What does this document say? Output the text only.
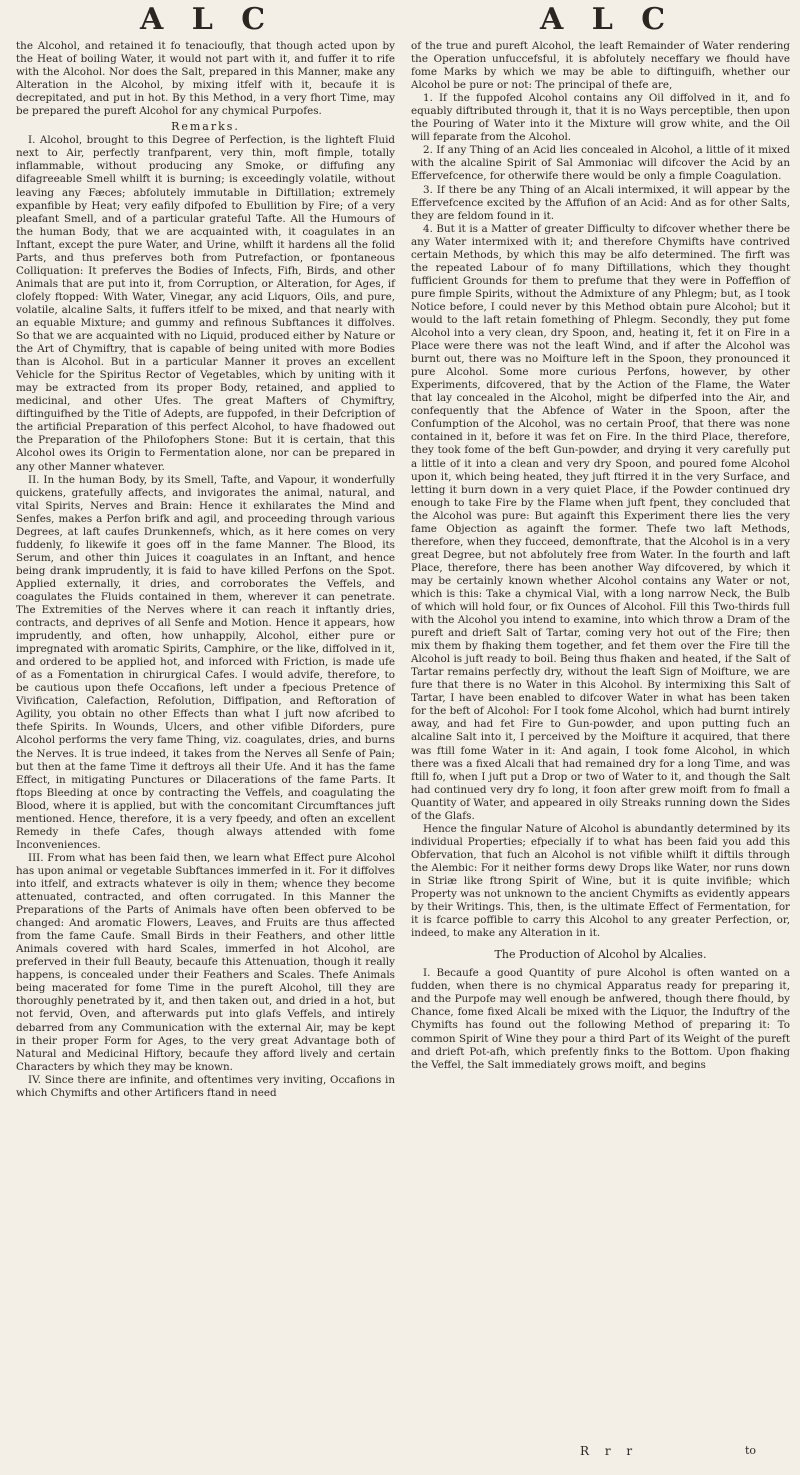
A L C	A L C

the Alcohol, and retained it fo tenacioufly, that though acted upon by the Heat of boiling Water, it would not part with it, and fuffer it to rife with the Alcohol. Nor does the Salt, prepared in this Manner, make any Alteration in the Alcohol, by mixing itfelf with it, becaufe it is decrepitated, and put in hot. By this Method, in a very fhort Time, may be prepared the pureft Alcohol for any chymical Purpofes.

Remarks.

I. Alcohol, brought to this Degree of Perfection, is the lighteft Fluid next to Air, perfectly tranfparent, very thin, moft fimple, totally inflammable, without producing any Smoke, or diffufing any difagreeable Smell whilft it is burning; is exceedingly volatile, without leaving any Fæces; abfolutely immutable in Diftillation; extremely expanfible by Heat; very eafily difpofed to Ebullition by Fire; of a very pleafant Smell, and of a particular grateful Tafte. All the Humours of the human Body, that we are acquainted with, it coagulates in an Inftant, except the pure Water, and Urine, whilft it hardens all the folid Parts, and thus preferves both from Putrefaction, or fpontaneous Colliquation: It preferves the Bodies of Infects, Fifh, Birds, and other Animals that are put into it, from Corruption, or Alteration, for Ages, if clofely ftopped: With Water, Vinegar, any acid Liquors, Oils, and pure, volatile, alcaline Salts, it fuffers itfelf to be mixed, and that nearly with an equable Mixture; and gummy and refinous Subftances it diffolves. So that we are acquainted with no Liquid, produced either by Nature or the Art of Chymiftry, that is capable of being united with more Bodies than is Alcohol. But in a particular Manner it proves an excellent Vehicle for the Spiritus Rector of Vegetables, which by uniting with it may be extracted from its proper Body, retained, and applied to medicinal, and other Ufes. The great Mafters of Chymiftry, diftinguifhed by the Title of Adepts, are fuppofed, in their Defcription of the artificial Preparation of this perfect Alcohol, to have fhadowed out the Preparation of the Philofophers Stone: But it is certain, that this Alcohol owes its Origin to Fermentation alone, nor can be prepared in any other Manner whatever.

II. In the human Body, by its Smell, Tafte, and Vapour, it wonderfully quickens, gratefully affects, and invigorates the animal, natural, and vital Spirits, Nerves and Brain: Hence it exhilarates the Mind and Senfes, makes a Perfon brifk and agil, and proceeding through various Degrees, at laft caufes Drunkennefs, which, as it here comes on very fuddenly, fo likewife it goes off in the fame Manner. The Blood, its Serum, and other thin Juices it coagulates in an Inftant, and hence being drank imprudently, it is faid to have killed Perfons on the Spot. Applied externally, it dries, and corroborates the Veffels, and coagulates the Fluids contained in them, wherever it can penetrate. The Extremities of the Nerves where it can reach it inftantly dries, contracts, and deprives of all Senfe and Motion. Hence it appears, how imprudently, and often, how unhappily, Alcohol, either pure or impregnated with aromatic Spirits, Camphire, or the like, diffolved in it, and ordered to be applied hot, and inforced with Friction, is made ufe of as a Fomentation in chirurgical Cafes. I would advife, therefore, to be cautious upon thefe Occafions, left under a fpecious Pretence of Vivification, Calefaction, Refolution, Diffipation, and Reftoration of Agility, you obtain no other Effects than what I juft now afcribed to thefe Spirits. In Wounds, Ulcers, and other vifible Diforders, pure Alcohol performs the very fame Thing, viz. coagulates, dries, and burns the Nerves. It is true indeed, it takes from the Nerves all Senfe of Pain; but then at the fame Time it deftroys all their Ufe. And it has the fame Effect, in mitigating Punctures or Dilacerations of the fame Parts. It ftops Bleeding at once by contracting the Veffels, and coagulating the Blood, where it is applied, but with the concomitant Circumftances juft mentioned. Hence, therefore, it is a very fpeedy, and often an excellent Remedy in thefe Cafes, though always attended with fome Inconveniences.

III. From what has been faid then, we learn what Effect pure Alcohol has upon animal or vegetable Subftances immerfed in it. For it diffolves into itfelf, and extracts whatever is oily in them; whence they become attenuated, contracted, and often corrugated. In this Manner the Preparations of the Parts of Animals have often been obferved to be changed: And aromatic Flowers, Leaves, and Fruits are thus affected from the fame Caufe. Small Birds in their Feathers, and other little Animals covered with hard Scales, immerfed in hot Alcohol, are preferved in their full Beauty, becaufe this Attenuation, though it really happens, is concealed under their Feathers and Scales. Thefe Animals being macerated for fome Time in the pureft Alcohol, till they are thoroughly penetrated by it, and then taken out, and dried in a hot, but not fervid, Oven, and afterwards put into glafs Veffels, and intirely debarred from any Communication with the external Air, may be kept in their proper Form for Ages, to the very great Advantage both of Natural and Medicinal Hiftory, becaufe they afford lively and certain Characters by which they may be known.

IV. Since there are infinite, and oftentimes very inviting, Occafions in which Chymifts and other Artificers ftand in need

of the true and pureft Alcohol, the leaft Remainder of Water rendering the Operation unfuccefsful, it is abfolutely neceffary we fhould have fome Marks by which we may be able to diftinguifh, whether our Alcohol be pure or not: The principal of thefe are,

1. If the fuppofed Alcohol contains any Oil diffolved in it, and fo equably diftributed through it, that it is no Ways perceptible, then upon the Pouring of Water into it the Mixture will grow white, and the Oil will feparate from the Alcohol.

2. If any Thing of an Acid lies concealed in Alcohol, a little of it mixed with the alcaline Spirit of Sal Ammoniac will difcover the Acid by an Effervefcence, for otherwife there would be only a fimple Coagulation.

3. If there be any Thing of an Alcali intermixed, it will appear by the Effervefcence excited by the Affufion of an Acid: And as for other Salts, they are feldom found in it.

4. But it is a Matter of greater Difficulty to difcover whether there be any Water intermixed with it; and therefore Chymifts have contrived certain Methods, by which this may be alfo determined. The firft was the repeated Labour of fo many Diftillations, which they thought fufficient Grounds for them to prefume that they were in Poffeffion of pure fimple Spirits, without the Admixture of any Phlegm; but, as I took Notice before, I could never by this Method obtain pure Alcohol; but it would to the laft retain fomething of Phlegm. Secondly, they put fome Alcohol into a very clean, dry Spoon, and, heating it, fet it on Fire in a Place were there was not the leaft Wind, and if after the Alcohol was burnt out, there was no Moifture left in the Spoon, they pronounced it pure Alcohol. Some more curious Perfons, however, by other Experiments, difcovered, that by the Action of the Flame, the Water that lay concealed in the Alcohol, might be difperfed into the Air, and confequently that the Abfence of Water in the Spoon, after the Confumption of the Alcohol, was no certain Proof, that there was none contained in it, before it was fet on Fire. In the third Place, therefore, they took fome of the beft Gun-powder, and drying it very carefully put a little of it into a clean and very dry Spoon, and poured fome Alcohol upon it, which being heated, they juft ftirred it in the very Surface, and letting it burn down in a very quiet Place, if the Powder continued dry enough to take Fire by the Flame when juft fpent, they concluded that the Alcohol was pure: But againft this Experiment there lies the very fame Objection as againft the former. Thefe two laft Methods, therefore, when they fucceed, demonftrate, that the Alcohol is in a very great Degree, but not abfolutely free from Water. In the fourth and laft Place, therefore, there has been another Way difcovered, by which it may be certainly known whether Alcohol contains any Water or not, which is this: Take a chymical Vial, with a long narrow Neck, the Bulb of which will hold four, or fix Ounces of Alcohol. Fill this Two-thirds full with the Alcohol you intend to examine, into which throw a Dram of the pureft and drieft Salt of Tartar, coming very hot out of the Fire; then mix them by fhaking them together, and fet them over the Fire till the Alcohol is juft ready to boil. Being thus fhaken and heated, if the Salt of Tartar remains perfectly dry, without the leaft Sign of Moifture, we are fure that there is no Water in this Alcohol. By intermixing this Salt of Tartar, I have been enabled to difcover Water in what has been taken for the beft of Alcohol: For I took fome Alcohol, which had burnt intirely away, and had fet Fire to Gun-powder, and upon putting fuch an alcaline Salt into it, I perceived by the Moifture it acquired, that there was ftill fome Water in it: And again, I took fome Alcohol, in which there was a fixed Alcali that had remained dry for a long Time, and was ftill fo, when I juft put a Drop or two of Water to it, and though the Salt had continued very dry fo long, it foon after grew moift from fo fmall a Quantity of Water, and appeared in oily Streaks running down the Sides of the Glafs.

Hence the fingular Nature of Alcohol is abundantly determined by its individual Properties; efpecially if to what has been faid you add this Obfervation, that fuch an Alcohol is not vifible whilft it diftils through the Alembic: For it neither forms dewy Drops like Water, nor runs down in Striæ like ftrong Spirit of Wine, but it is quite invifible; which Property was not unknown to the ancient Chymifts as evidently appears by their Writings. This, then, is the ultimate Effect of Fermentation, for it is fcarce poffible to carry this Alcohol to any greater Perfection, or, indeed, to make any Alteration in it.

The Production of Alcohol by Alcalies.

I. Becaufe a good Quantity of pure Alcohol is often wanted on a fudden, when there is no chymical Apparatus ready for preparing it, and the Purpofe may well enough be anfwered, though there fhould, by Chance, fome fixed Alcali be mixed with the Liquor, the Induftry of the Chymifts has found out the following Method of preparing it: To common Spirit of Wine they pour a third Part of its Weight of the pureft and drieft Pot-afh, which prefently finks to the Bottom. Upon fhaking the Veffel, the Salt immediately grows moift, and begins

R r r	to
